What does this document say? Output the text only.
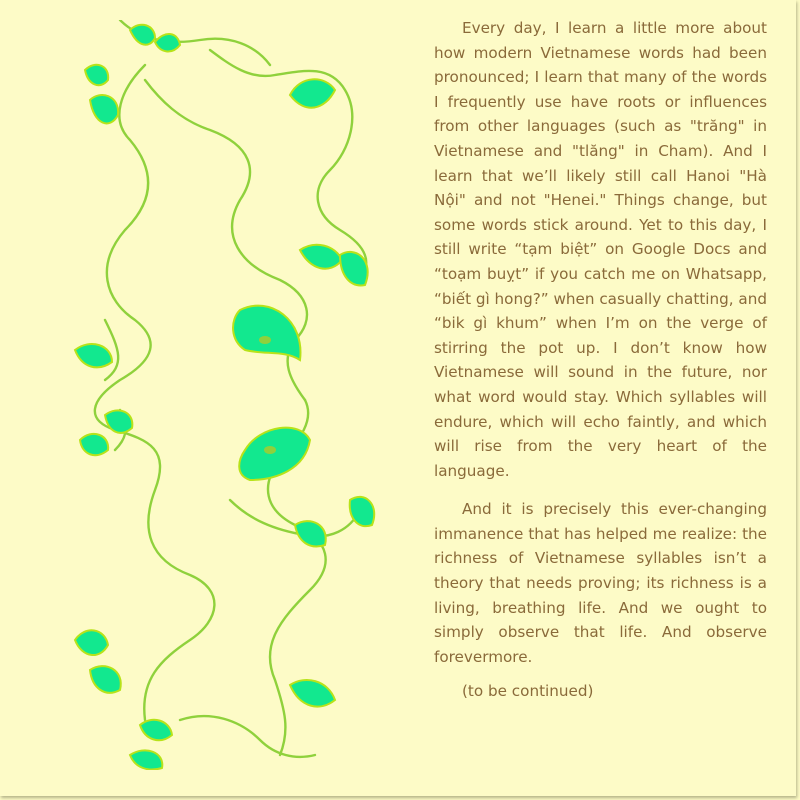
Every day, I learn a little more about how modern Vietnamese words had been pronounced; I learn that many of the words I frequently use have roots or influences from other languages (such as "trăng" in Vietnamese and "tlăng" in Cham). And I learn that we’ll likely still call Hanoi "Hà Nội" and not "Henei." Things change, but some words stick around. Yet to this day, I still write “tạm biệt” on Google Docs and “toạm buỵt” if you catch me on Whatsapp, “biết gì hong?” when casually chatting, and “bik gì khum” when I’m on the verge of stirring the pot up. I don’t know how Vietnamese will sound in the future, nor what word would stay. Which syllables will endure, which will echo faintly, and which will rise from the very heart of the language.

And it is precisely this ever-changing immanence that has helped me realize: the richness of Vietnamese syllables isn’t a theory that needs proving; its richness is a living, breathing life. And we ought to simply observe that life. And observe forevermore.

(to be continued)
